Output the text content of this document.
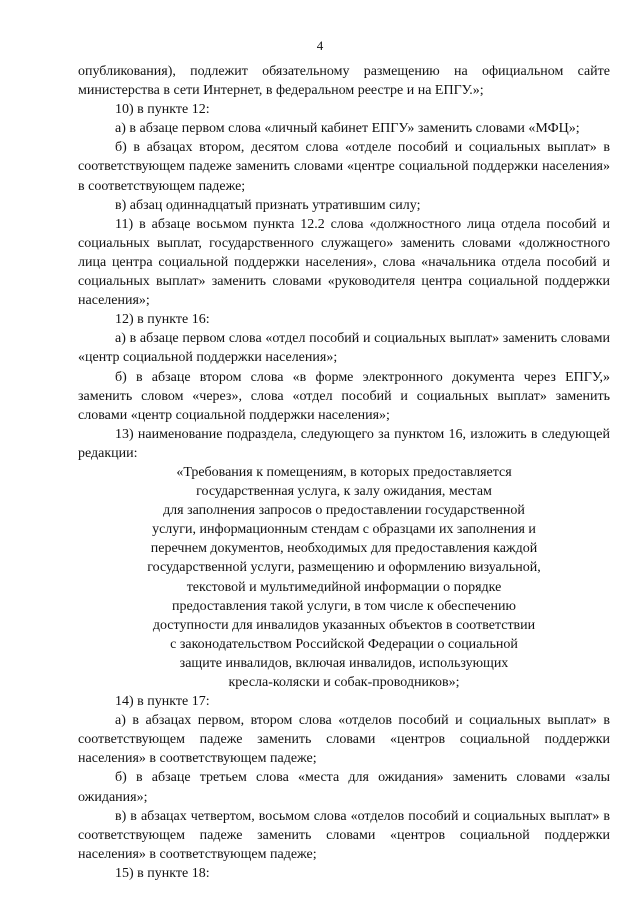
4

опубликования), подлежит обязательному размещению на официальном сайте министерства в сети Интернет, в федеральном реестре и на ЕПГУ.»;

10) в пункте 12:

а) в абзаце первом слова «личный кабинет ЕПГУ» заменить словами «МФЦ»;

б) в абзацах втором, десятом слова «отделе пособий и социальных выплат» в соответствующем падеже заменить словами «центре социальной поддержки населения» в соответствующем падеже;

в) абзац одиннадцатый признать утратившим силу;

11) в абзаце восьмом пункта 12.2 слова «должностного лица отдела пособий и социальных выплат, государственного служащего» заменить словами «должностного лица центра социальной поддержки населения», слова «начальника отдела пособий и социальных выплат» заменить словами «руководителя центра социальной поддержки населения»;

12) в пункте 16:

а) в абзаце первом слова «отдел пособий и социальных выплат» заменить словами «центр социальной поддержки населения»;

б) в абзаце втором слова «в форме электронного документа через ЕПГУ,» заменить словом «через», слова «отдел пособий и социальных выплат» заменить словами «центр социальной поддержки населения»;

13) наименование подраздела, следующего за пунктом 16, изложить в следующей редакции:

«Требования к помещениям, в которых предоставляется

государственная услуга, к залу ожидания, местам

для заполнения запросов о предоставлении государственной

услуги, информационным стендам с образцами их заполнения и

перечнем документов, необходимых для предоставления каждой

государственной услуги, размещению и оформлению визуальной,

текстовой и мультимедийной информации о порядке

предоставления такой услуги, в том числе к обеспечению

доступности для инвалидов указанных объектов в соответствии

с законодательством Российской Федерации о социальной

защите инвалидов, включая инвалидов, использующих

кресла-коляски и собак-проводников»;

14) в пункте 17:

а) в абзацах первом, втором слова «отделов пособий и социальных выплат» в соответствующем падеже заменить словами «центров социальной поддержки населения» в соответствующем падеже;

б) в абзаце третьем слова «места для ожидания» заменить словами «залы ожидания»;

в) в абзацах четвертом, восьмом слова «отделов пособий и социальных выплат» в соответствующем падеже заменить словами «центров социальной поддержки населения» в соответствующем падеже;

15) в пункте 18:
